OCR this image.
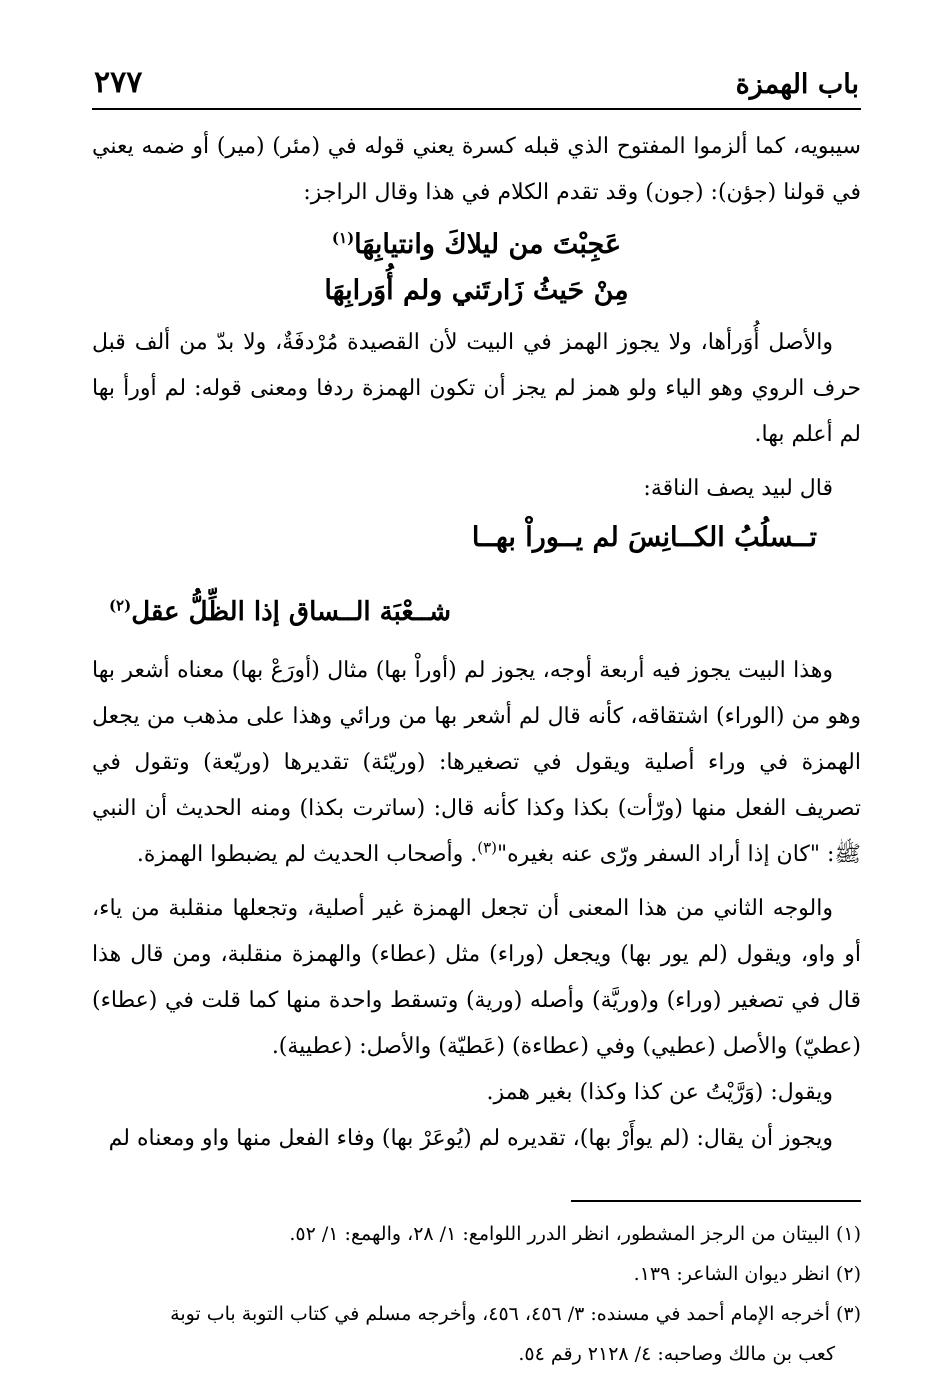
باب الهمزة
٢٧٧

سيبويه، كما ألزموا المفتوح الذي قبله كسرة يعني قوله في (مئر) (مير) أو ضمه يعني في قولنا (جؤن): (جون) وقد تقدم الكلام في هذا وقال الراجز:

عَجِبْتَ من ليلاكَ وانتيابِهَا$^{(١)}$
مِنْ حَيثُ زَارتَني ولم أُوَرابِهَا

والأصل أُوَرأها، ولا يجوز الهمز في البيت لأن القصيدة مُرْدفَةٌ، ولا بدّ من ألف قبل حرف الروي وهو الياء ولو همز لم يجز أن تكون الهمزة ردفا ومعنى قوله: لم أورأ بها لم أعلم بها.

قال لبيد يصف الناقة:

تــسلُبُ الكــانِسَ لم يــوراْ بهــا
شــعْبَة الــساق إذا الظِّلُّ عقل$^{(٢)}$

وهذا البيت يجوز فيه أربعة أوجه، يجوز لم (أوراْ بها) مثال (أورَعْ بها) معناه أشعر بها وهو من (الوراء) اشتقاقه، كأنه قال لم أشعر بها من ورائي وهذا على مذهب من يجعل الهمزة في وراء أصلية ويقول في تصغيرها: (وريّئة) تقديرها (وريّعة) وتقول في تصريف الفعل منها (ورّأت) بكذا وكذا كأنه قال: (ساترت بكذا) ومنه الحديث أن النبي ﷺ: "كان إذا أراد السفر ورّى عنه بغيره"$^{(٣)}$. وأصحاب الحديث لم يضبطوا الهمزة.

والوجه الثاني من هذا المعنى أن تجعل الهمزة غير أصلية، وتجعلها منقلبة من ياء، أو واو، ويقول (لم يور بها) ويجعل (وراء) مثل (عطاء) والهمزة منقلبة، ومن قال هذا قال في تصغير (وراء) و(وريَّة) وأصله (ورية) وتسقط واحدة منها كما قلت في (عطاء) (عطيّ) والأصل (عطيي) وفي (عطاءة) (عَطيّة) والأصل: (عطيية).

ويقول: (وَرَّيْتُ عن كذا وكذا) بغير همز.

ويجوز أن يقال: (لم يوأَرْ بها)، تقديره لم (يُوعَرْ بها) وفاء الفعل منها واو ومعناه لم

(١) البيتان من الرجز المشطور، انظر الدرر اللوامع: ١/ ٢٨، والهمع: ١/ ٥٢.

(٢) انظر ديوان الشاعر: ١٣٩.

(٣) أخرجه الإمام أحمد في مسنده: ٣/ ٤٥٦، ٤٥٦، وأخرجه مسلم في كتاب التوبة باب توبة

كعب بن مالك وصاحبه: ٤/ ٢١٢٨ رقم ٥٤.
